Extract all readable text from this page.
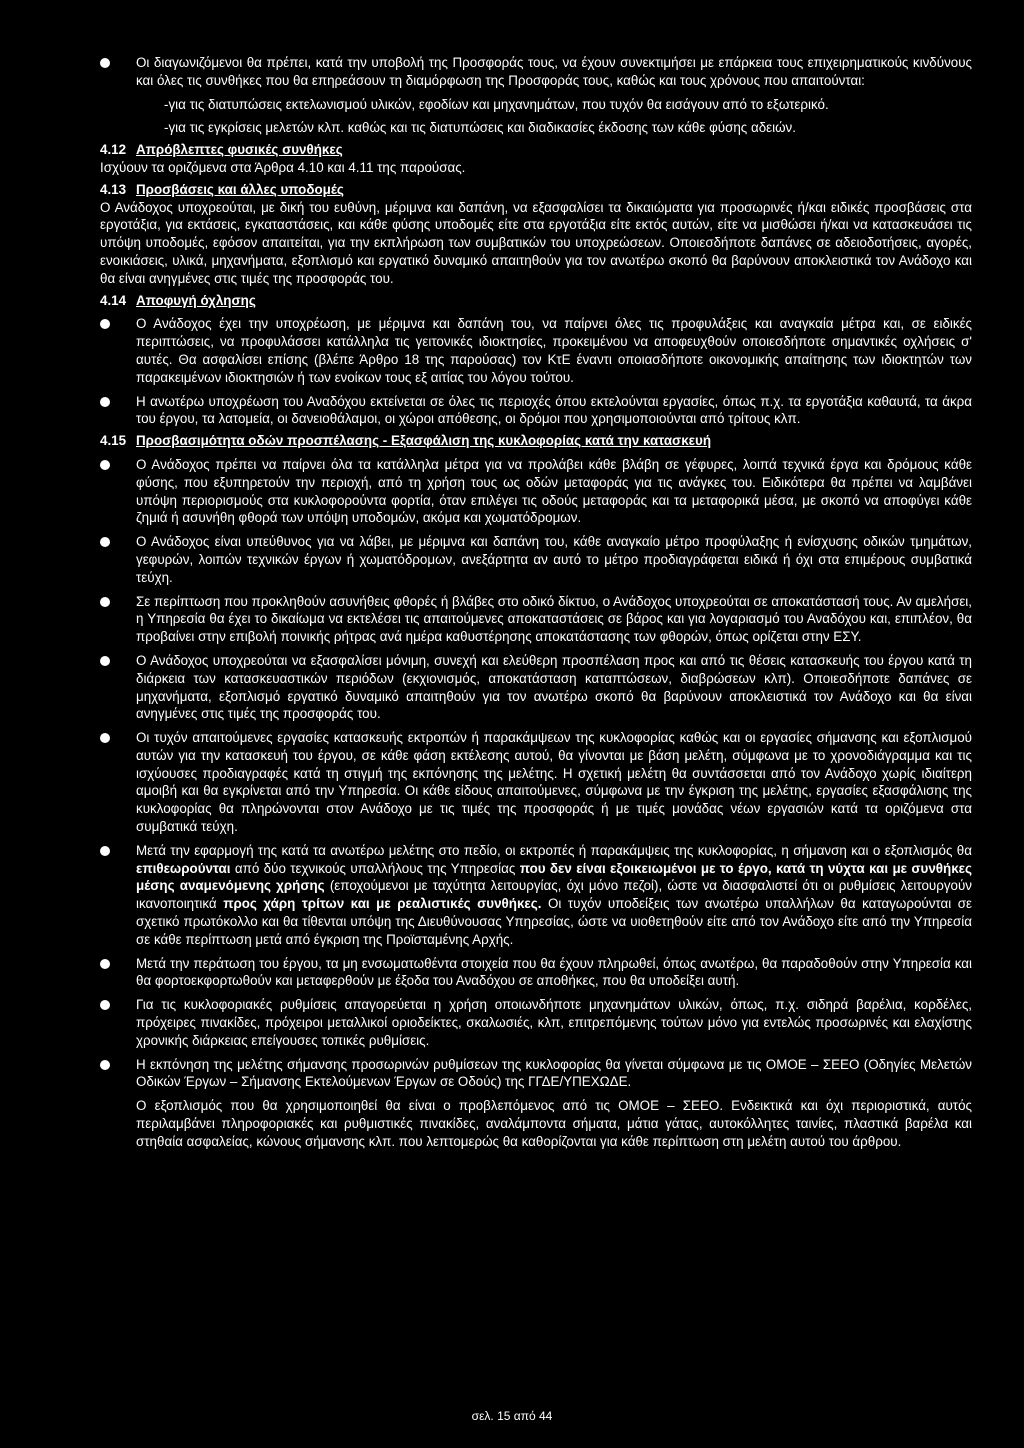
Οι διαγωνιζόμενοι θα πρέπει, κατά την υποβολή της Προσφοράς τους, να έχουν συνεκτιμήσει με επάρκεια τους επιχειρηματικούς κινδύνους και όλες τις συνθήκες που θα επηρεάσουν τη διαμόρφωση της Προσφοράς τους, καθώς και τους χρόνους που απαιτούνται:

-για τις διατυπώσεις εκτελωνισμού υλικών, εφοδίων και μηχανημάτων, που τυχόν θα εισάγουν από το εξωτερικό.

-για τις εγκρίσεις μελετών κλπ. καθώς και τις διατυπώσεις και διαδικασίες έκδοσης των κάθε φύσης αδειών.

4.12 Απρόβλεπτες φυσικές συνθήκες

Ισχύουν τα οριζόμενα στα Άρθρα 4.10 και 4.11 της παρούσας.

4.13 Προσβάσεις και άλλες υποδομές

Ο Ανάδοχος υποχρεούται, με δική του ευθύνη, μέριμνα και δαπάνη, να εξασφαλίσει τα δικαιώματα για προσωρινές ή/και ειδικές προσβάσεις στα εργοτάξια, για εκτάσεις, εγκαταστάσεις, και κάθε φύσης υποδομές είτε στα εργοτάξια είτε εκτός αυτών, είτε να μισθώσει ή/και να κατασκευάσει τις υπόψη υποδομές, εφόσον απαιτείται, για την εκπλήρωση των συμβατικών του υποχρεώσεων. Οποιεσδήποτε δαπάνες σε αδειοδοτήσεις, αγορές, ενοικιάσεις, υλικά, μηχανήματα, εξοπλισμό και εργατικό δυναμικό απαιτηθούν για τον ανωτέρω σκοπό θα βαρύνουν αποκλειστικά τον Ανάδοχο και θα είναι ανηγμένες στις τιμές της προσφοράς του.

4.14 Αποφυγή όχλησης

Ο Ανάδοχος έχει την υποχρέωση, με μέριμνα και δαπάνη του, να παίρνει όλες τις προφυλάξεις και αναγκαία μέτρα και, σε ειδικές περιπτώσεις, να προφυλάσσει κατάλληλα τις γειτονικές ιδιοκτησίες, προκειμένου να αποφευχθούν οποιεσδήποτε σημαντικές οχλήσεις σ' αυτές. Θα ασφαλίσει επίσης (βλέπε Άρθρο 18 της παρούσας) τον ΚτΕ έναντι οποιασδήποτε οικονομικής απαίτησης των ιδιοκτητών των παρακειμένων ιδιοκτησιών ή των ενοίκων τους εξ αιτίας του λόγου τούτου.

Η ανωτέρω υποχρέωση του Αναδόχου εκτείνεται σε όλες τις περιοχές όπου εκτελούνται εργασίες, όπως π.χ. τα εργοτάξια καθαυτά, τα άκρα του έργου, τα λατομεία, οι δανειοθάλαμοι, οι χώροι απόθεσης, οι δρόμοι που χρησιμοποιούνται από τρίτους κλπ.

4.15 Προσβασιμότητα οδών προσπέλασης - Εξασφάλιση της κυκλοφορίας κατά την κατασκευή

Ο Ανάδοχος πρέπει να παίρνει όλα τα κατάλληλα μέτρα για να προλάβει κάθε βλάβη σε γέφυρες, λοιπά τεχνικά έργα και δρόμους κάθε φύσης, που εξυπηρετούν την περιοχή, από τη χρήση τους ως οδών μεταφοράς για τις ανάγκες του. Ειδικότερα θα πρέπει να λαμβάνει υπόψη περιορισμούς στα κυκλοφορούντα φορτία, όταν επιλέγει τις οδούς μεταφοράς και τα μεταφορικά μέσα, με σκοπό να αποφύγει κάθε ζημιά ή ασυνήθη φθορά των υπόψη υποδομών, ακόμα και χωματόδρομων.

Ο Ανάδοχος είναι υπεύθυνος για να λάβει, με μέριμνα και δαπάνη του, κάθε αναγκαίο μέτρο προφύλαξης ή ενίσχυσης οδικών τμημάτων, γεφυρών, λοιπών τεχνικών έργων ή χωματόδρομων, ανεξάρτητα αν αυτό το μέτρο προδιαγράφεται ειδικά ή όχι στα επιμέρους συμβατικά τεύχη.

Σε περίπτωση που προκληθούν ασυνήθεις φθορές ή βλάβες στο οδικό δίκτυο, ο Ανάδοχος υποχρεούται σε αποκατάστασή τους. Αν αμελήσει, η Υπηρεσία θα έχει το δικαίωμα να εκτελέσει τις απαιτούμενες αποκαταστάσεις σε βάρος και για λογαριασμό του Αναδόχου και, επιπλέον, θα προβαίνει στην επιβολή ποινικής ρήτρας ανά ημέρα καθυστέρησης αποκατάστασης των φθορών, όπως ορίζεται στην ΕΣΥ.

Ο Ανάδοχος υποχρεούται να εξασφαλίσει μόνιμη, συνεχή και ελεύθερη προσπέλαση προς και από τις θέσεις κατασκευής του έργου κατά τη διάρκεια των κατασκευαστικών περιόδων (εκχιονισμός, αποκατάσταση καταπτώσεων, διαβρώσεων κλπ). Οποιεσδήποτε δαπάνες σε μηχανήματα, εξοπλισμό εργατικό δυναμικό απαιτηθούν για τον ανωτέρω σκοπό θα βαρύνουν αποκλειστικά τον Ανάδοχο και θα είναι ανηγμένες στις τιμές της προσφοράς του.

Οι τυχόν απαιτούμενες εργασίες κατασκευής εκτροπών ή παρακάμψεων της κυκλοφορίας καθώς και οι εργασίες σήμανσης και εξοπλισμού αυτών για την κατασκευή του έργου, σε κάθε φάση εκτέλεσης αυτού, θα γίνονται με βάση μελέτη, σύμφωνα με το χρονοδιάγραμμα και τις ισχύουσες προδιαγραφές κατά τη στιγμή της εκπόνησης της μελέτης. Η σχετική μελέτη θα συντάσσεται από τον Ανάδοχο χωρίς ιδιαίτερη αμοιβή και θα εγκρίνεται από την Υπηρεσία. Οι κάθε είδους απαιτούμενες, σύμφωνα με την έγκριση της μελέτης, εργασίες εξασφάλισης της κυκλοφορίας θα πληρώνονται στον Ανάδοχο με τις τιμές της προσφοράς ή με τιμές μονάδας νέων εργασιών κατά τα οριζόμενα στα συμβατικά τεύχη.

Μετά την εφαρμογή της κατά τα ανωτέρω μελέτης στο πεδίο, οι εκτροπές ή παρακάμψεις της κυκλοφορίας, η σήμανση και ο εξοπλισμός θα επιθεωρούνται από δύο τεχνικούς υπαλλήλους της Υπηρεσίας που δεν είναι εξοικειωμένοι με το έργο, κατά τη νύχτα και με συνθήκες μέσης αναμενόμενης χρήσης (εποχούμενοι με ταχύτητα λειτουργίας, όχι μόνο πεζοί), ώστε να διασφαλιστεί ότι οι ρυθμίσεις λειτουργούν ικανοποιητικά προς χάρη τρίτων και με ρεαλιστικές συνθήκες. Οι τυχόν υποδείξεις των ανωτέρω υπαλλήλων θα καταγωρούνται σε σχετικό πρωτόκολλο και θα τίθενται υπόψη της Διευθύνουσας Υπηρεσίας, ώστε να υιοθετηθούν είτε από τον Ανάδοχο είτε από την Υπηρεσία σε κάθε περίπτωση μετά από έγκριση της Προϊσταμένης Αρχής.

Μετά την περάτωση του έργου, τα μη ενσωματωθέντα στοιχεία που θα έχουν πληρωθεί, όπως ανωτέρω, θα παραδοθούν στην Υπηρεσία και θα φορτοεκφορτωθούν και μεταφερθούν με έξοδα του Αναδόχου σε αποθήκες, που θα υποδείξει αυτή.

Για τις κυκλοφοριακές ρυθμίσεις απαγορεύεται η χρήση οποιωνδήποτε μηχανημάτων υλικών, όπως, π.χ. σιδηρά βαρέλια, κορδέλες, πρόχειρες πινακίδες, πρόχειροι μεταλλικοί οριοδείκτες, σκαλωσιές, κλπ, επιτρεπόμενης τούτων μόνο για εντελώς προσωρινές και ελαχίστης χρονικής διάρκειας επείγουσες τοπικές ρυθμίσεις.

Η εκπόνηση της μελέτης σήμανσης προσωρινών ρυθμίσεων της κυκλοφορίας θα γίνεται σύμφωνα με τις ΟΜΟΕ – ΣΕΕΟ (Οδηγίες Μελετών Οδικών Έργων – Σήμανσης Εκτελούμενων Έργων σε Οδούς) της ΓΓΔΕ/ΥΠΕΧΩΔΕ.

Ο εξοπλισμός που θα χρησιμοποιηθεί θα είναι ο προβλεπόμενος από τις ΟΜΟΕ – ΣΕΕΟ. Ενδεικτικά και όχι περιοριστικά, αυτός περιλαμβάνει πληροφοριακές και ρυθμιστικές πινακίδες, αναλάμποντα σήματα, μάτια γάτας, αυτοκόλλητες ταινίες, πλαστικά βαρέλα και στηθαία ασφαλείας, κώνους σήμανσης κλπ. που λεπτομερώς θα καθορίζονται για κάθε περίπτωση στη μελέτη αυτού του άρθρου.

σελ. 15 από 44
